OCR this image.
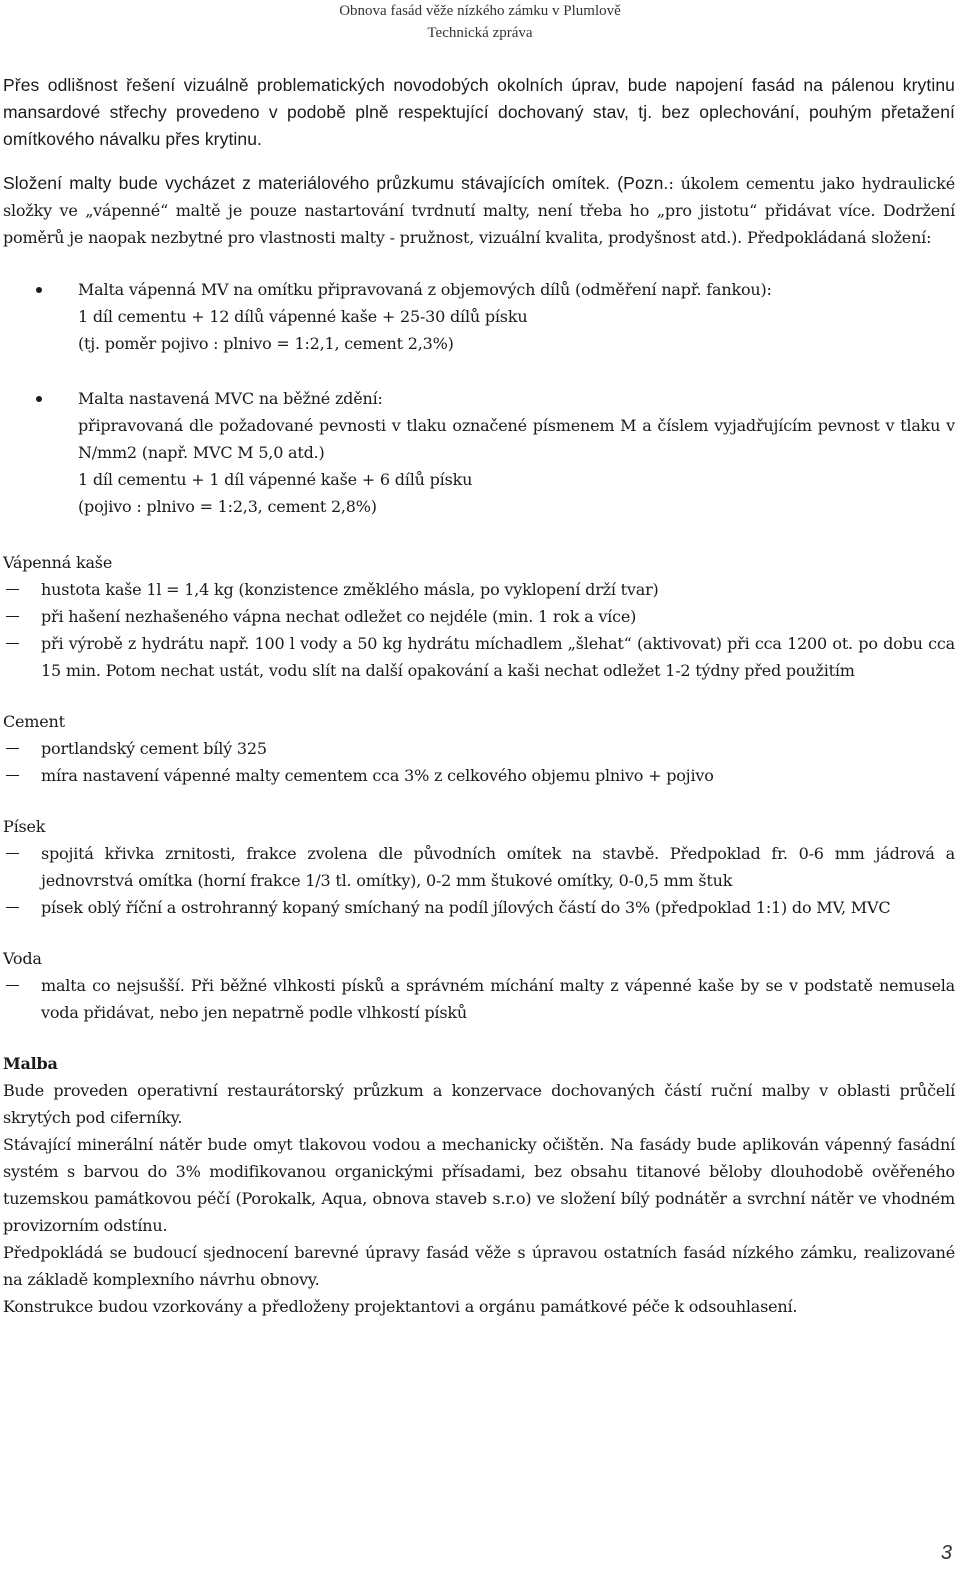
Obnova fasád věže nízkého zámku v Plumlově
Technická zpráva

Přes odlišnost řešení vizuálně problematických novodobých okolních úprav, bude napojení fasád na pálenou krytinu mansardové střechy provedeno v podobě plně respektující dochovaný stav, tj. bez oplechování, pouhým přetažení omítkového návalku přes krytinu.

Složení malty bude vycházet z materiálového průzkumu stávajících omítek. (Pozn.: úkolem cementu jako hydraulické složky ve „vápenné“ maltě je pouze nastartování tvrdnutí malty, není třeba ho „pro jistotu“ přidávat více. Dodržení poměrů je naopak nezbytné pro vlastnosti malty - pružnost, vizuální kvalita, prodyšnost atd.). Předpokládaná složení:

Malta vápenná MV na omítku připravovaná z objemových dílů (odměření např. fankou):

1 díl cementu + 12 dílů vápenné kaše + 25-30 dílů písku

(tj. poměr pojivo : plnivo = 1:2,1, cement 2,3%)

Malta nastavená MVC na běžné zdění:

připravovaná dle požadované pevnosti v tlaku označené písmenem M a číslem vyjadřujícím pevnost v tlaku v N/mm2 (např. MVC M 5,0 atd.)

1 díl cementu + 1 díl vápenné kaše + 6 dílů písku

(pojivo : plnivo = 1:2,3, cement 2,8%)

Vápenná kaše

hustota kaše 1l = 1,4 kg (konzistence změklého másla, po vyklopení drží tvar)

při hašení nezhašeného vápna nechat odležet co nejdéle (min. 1 rok a více)

při výrobě z hydrátu např. 100 l vody a 50 kg hydrátu míchadlem „šlehat“ (aktivovat) při cca 1200 ot. po dobu cca 15 min. Potom nechat ustát, vodu slít na další opakování a kaši nechat odležet 1-2 týdny před použitím

Cement

portlandský cement bílý 325

míra nastavení vápenné malty cementem cca 3% z celkového objemu plnivo + pojivo

Písek

spojitá křivka zrnitosti, frakce zvolena dle původních omítek na stavbě. Předpoklad fr. 0-6 mm jádrová a jednovrstvá omítka (horní frakce 1/3 tl. omítky), 0-2 mm štukové omítky, 0-0,5 mm štuk

písek oblý říční a ostrohranný kopaný smíchaný na podíl jílových částí do 3% (předpoklad 1:1) do MV, MVC

Voda

malta co nejsušší. Při běžné vlhkosti písků a správném míchání malty z vápenné kaše by se v podstatě nemusela voda přidávat, nebo jen nepatrně podle vlhkostí písků

Malba

Bude proveden operativní restaurátorský průzkum a konzervace dochovaných částí ruční malby v oblasti průčelí skrytých pod ciferníky.

Stávající minerální nátěr bude omyt tlakovou vodou a mechanicky očištěn. Na fasády bude aplikován vápenný fasádní systém s barvou do 3% modifikovanou organickými přísadami, bez obsahu titanové běloby dlouhodobě ověřeného tuzemskou památkovou péčí (Porokalk, Aqua, obnova staveb s.r.o) ve složení bílý podnátěr a svrchní nátěr ve vhodném provizorním odstínu.

Předpokládá se budoucí sjednocení barevné úpravy fasád věže s úpravou ostatních fasád nízkého zámku, realizované na základě komplexního návrhu obnovy.

Konstrukce budou vzorkovány a předloženy projektantovi a orgánu památkové péče k odsouhlasení.

3
